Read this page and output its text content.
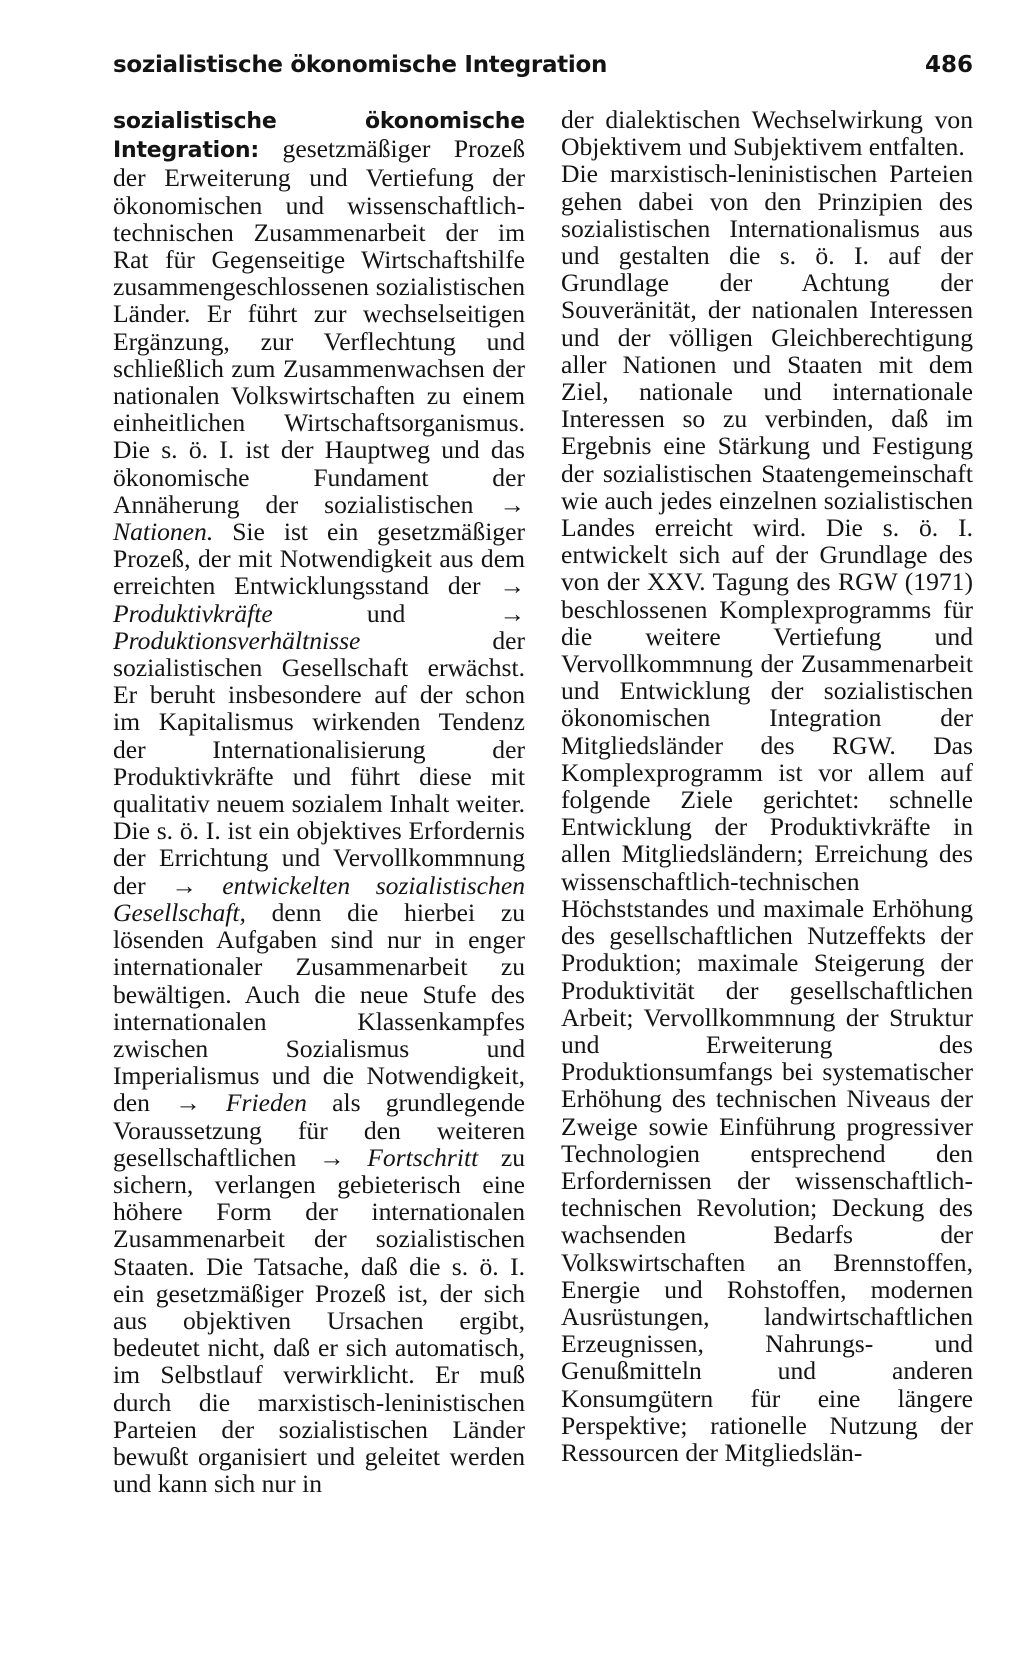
sozialistische ökonomische Integration	486

sozialistische ökonomische Integration: gesetzmäßiger Prozeß der Erweiterung und Vertiefung der ökonomischen und wissenschaftlich-technischen Zusammenarbeit der im Rat für Gegenseitige Wirtschaftshilfe zusammengeschlossenen sozialistischen Länder. Er führt zur wechselseitigen Ergänzung, zur Verflechtung und schließlich zum Zusammenwachsen der nationalen Volkswirtschaften zu einem einheitlichen Wirtschaftsorganismus. Die s. ö. I. ist der Hauptweg und das ökonomische Fundament der Annäherung der sozialistischen → Nationen. Sie ist ein gesetzmäßiger Prozeß, der mit Notwendigkeit aus dem erreichten Entwicklungsstand der → Produktivkräfte und → Produktionsverhältnisse der sozialistischen Gesellschaft erwächst. Er beruht insbesondere auf der schon im Kapitalismus wirkenden Tendenz der Internationalisierung der Produktivkräfte und führt diese mit qualitativ neuem sozialem Inhalt weiter. Die s. ö. I. ist ein objektives Erfordernis der Errichtung und Vervollkommnung der → entwickelten sozialistischen Gesellschaft, denn die hierbei zu lösenden Aufgaben sind nur in enger internationaler Zusammenarbeit zu bewältigen. Auch die neue Stufe des internationalen Klassenkampfes zwischen Sozialismus und Imperialismus und die Notwendigkeit, den → Frieden als grundlegende Voraussetzung für den weiteren gesellschaftlichen → Fortschritt zu sichern, verlangen gebieterisch eine höhere Form der internationalen Zusammenarbeit der sozialistischen Staaten. Die Tatsache, daß die s. ö. I. ein gesetzmäßiger Prozeß ist, der sich aus objektiven Ursachen ergibt, bedeutet nicht, daß er sich automatisch, im Selbstlauf verwirklicht. Er muß durch die marxistisch-leninistischen Parteien der sozialistischen Länder bewußt organisiert und geleitet werden und kann sich nur in

der dialektischen Wechselwirkung von Objektivem und Subjektivem entfalten.

Die marxistisch-leninistischen Parteien gehen dabei von den Prinzipien des sozialistischen Internationalismus aus und gestalten die s. ö. I. auf der Grundlage der Achtung der Souveränität, der nationalen Interessen und der völligen Gleichberechtigung aller Nationen und Staaten mit dem Ziel, nationale und internationale Interessen so zu verbinden, daß im Ergebnis eine Stärkung und Festigung der sozialistischen Staatengemeinschaft wie auch jedes einzelnen sozialistischen Landes erreicht wird. Die s. ö. I. entwickelt sich auf der Grundlage des von der XXV. Tagung des RGW (1971) beschlossenen Komplexprogramms für die weitere Vertiefung und Vervollkommnung der Zusammenarbeit und Entwicklung der sozialistischen ökonomischen Integration der Mitgliedsländer des RGW. Das Komplexprogramm ist vor allem auf folgende Ziele gerichtet: schnelle Entwicklung der Produktivkräfte in allen Mitgliedsländern; Erreichung des wissenschaftlich-technischen Höchststandes und maximale Erhöhung des gesellschaftlichen Nutzeffekts der Produktion; maximale Steigerung der Produktivität der gesellschaftlichen Arbeit; Vervollkommnung der Struktur und Erweiterung des Produktionsumfangs bei systematischer Erhöhung des technischen Niveaus der Zweige sowie Einführung progressiver Technologien entsprechend den Erfordernissen der wissenschaftlich-technischen Revolution; Deckung des wachsenden Bedarfs der Volkswirtschaften an Brennstoffen, Energie und Rohstoffen, modernen Ausrüstungen, landwirtschaftlichen Erzeugnissen, Nahrungs- und Genußmitteln und anderen Konsumgütern für eine längere Perspektive; rationelle Nutzung der Ressourcen der Mitgliedslän-
